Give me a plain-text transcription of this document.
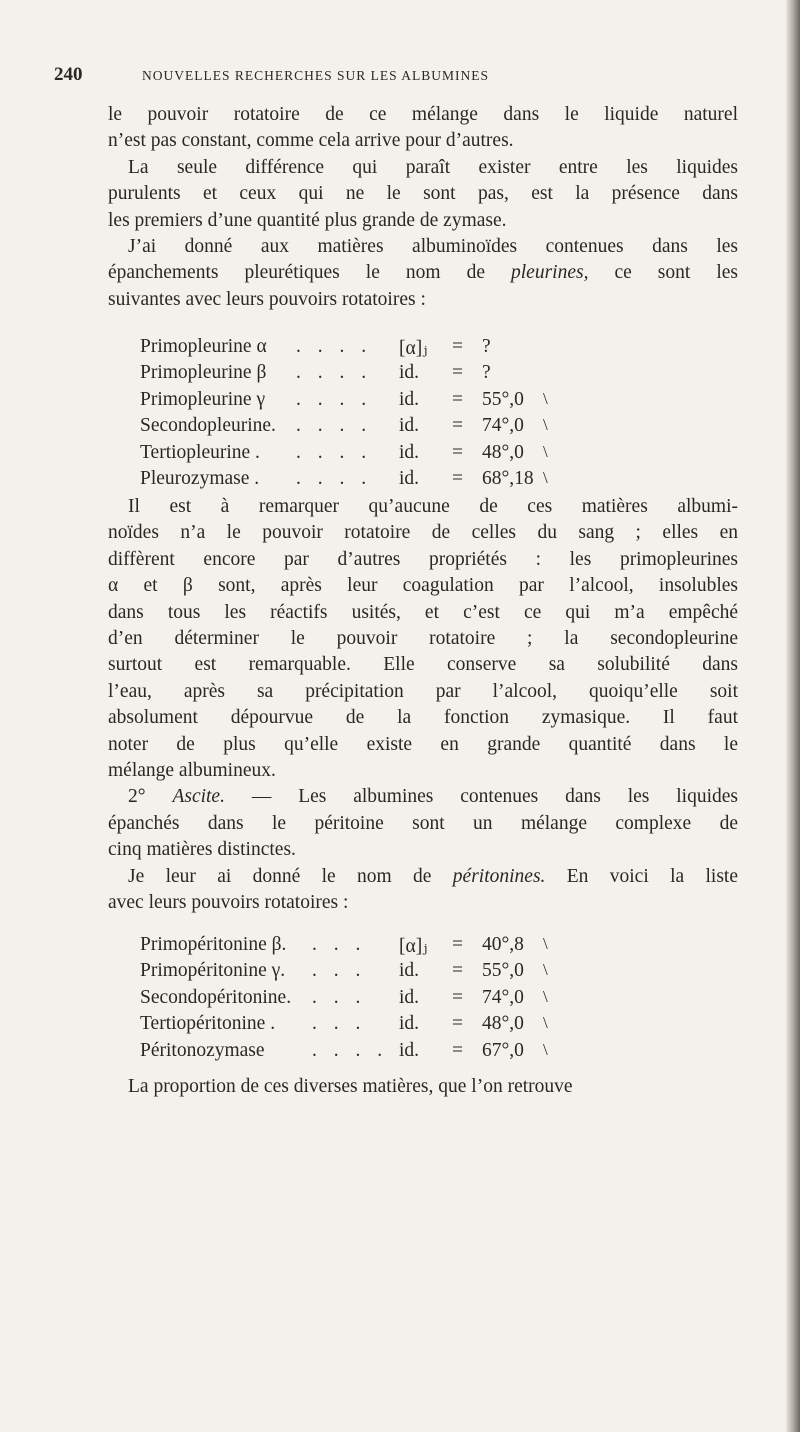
240	NOUVELLES RECHERCHES SUR LES ALBUMINES
le pouvoir rotatoire de ce mélange dans le liquide naturel
n’est pas constant, comme cela arrive pour d’autres.
La seule différence qui paraît exister entre les liquides
purulents et ceux qui ne le sont pas, est la présence dans
les premiers d’une quantité plus grande de zymase.
J’ai donné aux matières albuminoïdes contenues dans les
épanchements pleurétiques le nom de pleurines, ce sont les
suivantes avec leurs pouvoirs rotatoires :
Primopleurine α . . . . [α]ⱼ = ?
Primopleurine β . . . . id. = ?
Primopleurine γ . . . . id. = 55°,0 \
Secondopleurine. . . . . id. = 74°,0 \
Tertiopleurine . . . . . id. = 48°,0 \
Pleurozymase . . . . . id. = 68°,18 \
Il est à remarquer qu’aucune de ces matières albumi-
noïdes n’a le pouvoir rotatoire de celles du sang ; elles en
diffèrent encore par d’autres propriétés : les primopleurines
α et β sont, après leur coagulation par l’alcool, insolubles
dans tous les réactifs usités, et c’est ce qui m’a empêché
d’en déterminer le pouvoir rotatoire ; la secondopleurine
surtout est remarquable. Elle conserve sa solubilité dans
l’eau, après sa précipitation par l’alcool, quoiqu’elle soit
absolument dépourvue de la fonction zymasique. Il faut
noter de plus qu’elle existe en grande quantité dans le
mélange albumineux.
2° Ascite. — Les albumines contenues dans les liquides
épanchés dans le péritoine sont un mélange complexe de
cinq matières distinctes.
Je leur ai donné le nom de péritonines. En voici la liste
avec leurs pouvoirs rotatoires :
Primopéritonine β. . . . [α]ⱼ = 40°,8 \
Primopéritonine γ. . . . id. = 55°,0 \
Secondopéritonine. . . . id. = 74°,0 \
Tertiopéritonine . . . . id. = 48°,0 \
Péritonozymase . . . . id. = 67°,0 \
La proportion de ces diverses matières, que l’on retrouve
